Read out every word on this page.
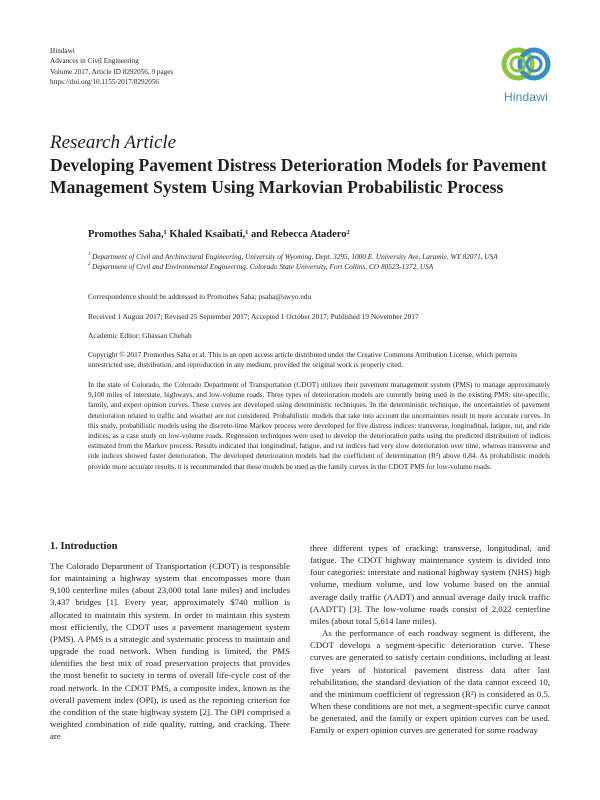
Hindawi
Advances in Civil Engineering
Volume 2017, Article ID 8292056, 9 pages
https://doi.org/10.1155/2017/8292056
Hindawi
Research Article
Developing Pavement Distress Deterioration Models for Pavement Management System Using Markovian Probabilistic Process
Promothes Saha,¹ Khaled Ksaibati,¹ and Rebecca Atadero²
1 Department of Civil and Architectural Engineering, University of Wyoming, Dept. 3295, 1000 E. University Ave, Laramie, WY 82071, USA
2 Department of Civil and Environmental Engineering, Colorado State University, Fort Collins, CO 80523-1372, USA
Correspondence should be addressed to Promothes Saha; psaha@uwyo.edu
Received 1 August 2017; Revised 25 September 2017; Accepted 1 October 2017; Published 19 November 2017
Academic Editor: Ghassan Chehab
Copyright © 2017 Promothes Saha et al. This is an open access article distributed under the Creative Commons Attribution License, which permits unrestricted use, distribution, and reproduction in any medium, provided the original work is properly cited.
In the state of Colorado, the Colorado Department of Transportation (CDOT) utilizes their pavement management system (PMS) to manage approximately 9,100 miles of interstate, highways, and low-volume roads. Three types of deterioration models are currently being used in the existing PMS: site-specific, family, and expert opinion curves. These curves are developed using deterministic techniques. In the deterministic technique, the uncertainties of pavement deterioration related to traffic and weather are not considered. Probabilistic models that take into account the uncertainties result in more accurate curves. In this study, probabilistic models using the discrete-time Markov process were developed for five distress indices: transverse, longitudinal, fatigue, rut, and ride indices, as a case study on low-volume roads. Regression techniques were used to develop the deterioration paths using the predicted distribution of indices estimated from the Markov process. Results indicated that longitudinal, fatigue, and rut indices had very slow deterioration over time, whereas transverse and ride indices showed faster deterioration. The developed deterioration models had the coefficient of determination (R²) above 0.84. As probabilistic models provide more accurate results, it is recommended that these models be used as the family curves in the CDOT PMS for low-volume roads.
1. Introduction

The Colorado Department of Transportation (CDOT) is responsible for maintaining a highway system that encompasses more than 9,100 centerline miles (about 23,000 total lane miles) and includes 3,437 bridges [1]. Every year, approximately $740 million is allocated to maintain this system. In order to maintain this system most efficiently, the CDOT uses a pavement management system (PMS). A PMS is a strategic and systematic process to maintain and upgrade the road network. When funding is limited, the PMS identifies the best mix of road preservation projects that provides the most benefit to society in terms of overall life-cycle cost of the road network. In the CDOT PMS, a composite index, known as the overall pavement index (OPI), is used as the reporting criterion for the condition of the state highway system [2]. The OPI comprised a weighted combination of ride quality, rutting, and cracking. There are

three different types of cracking: transverse, longitudinal, and fatigue. The CDOT highway maintenance system is divided into four categories: interstate and national highway system (NHS) high volume, medium volume, and low volume based on the annual average daily traffic (AADT) and annual average daily truck traffic (AADTT) [3]. The low-volume roads consist of 2,022 centerline miles (about total 5,614 lane miles).

As the performance of each roadway segment is different, the CDOT develops a segment-specific deterioration curve. These curves are generated to satisfy certain conditions, including at least five years of historical pavement distress data after last rehabilitation, the standard deviation of the data cannot exceed 10, and the minimum coefficient of regression (R²) is considered as 0.5. When these conditions are not met, a segment-specific curve cannot be generated, and the family or expert opinion curves can be used. Family or expert opinion curves are generated for some roadway
